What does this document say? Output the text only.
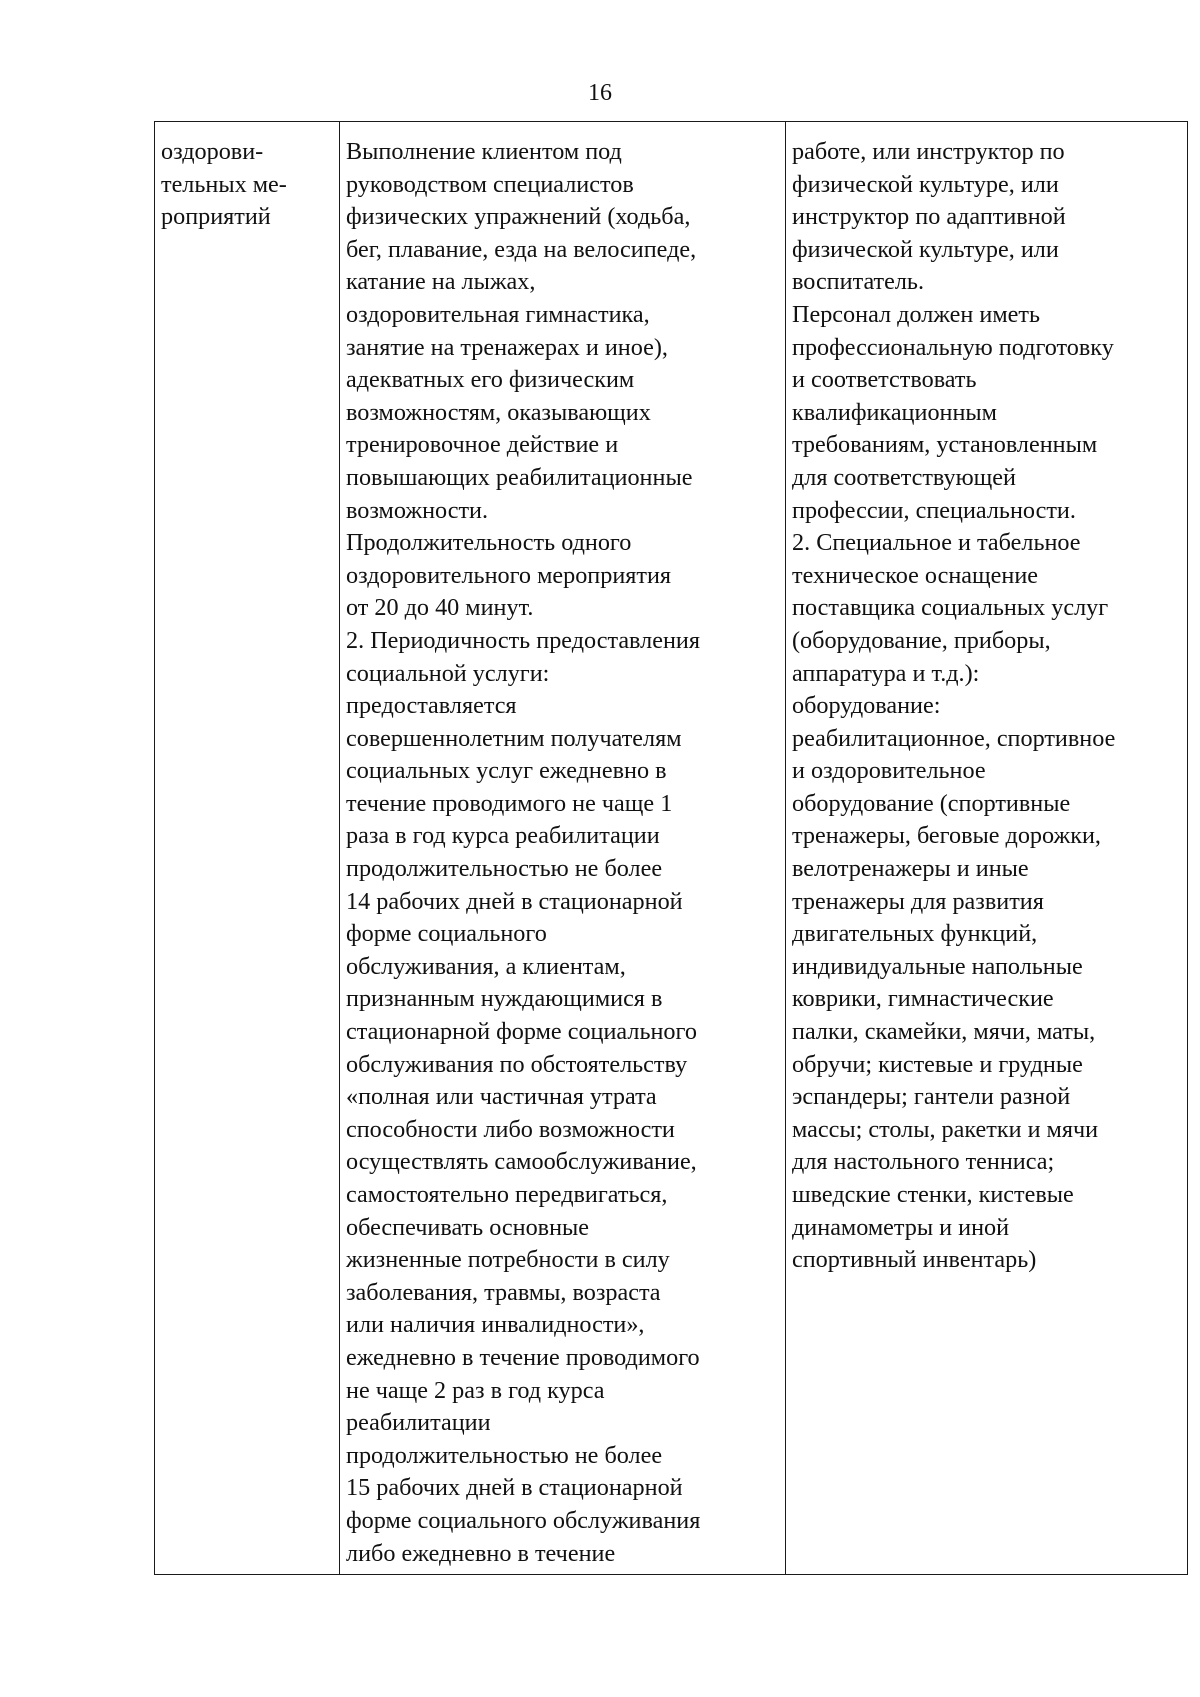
16
оздорови-
тельных ме-
роприятий

Выполнение клиентом под
руководством специалистов
физических упражнений (ходьба,
бег, плавание, езда на велосипеде,
катание на лыжах,
оздоровительная гимнастика,
занятие на тренажерах и иное),
адекватных его физическим
возможностям, оказывающих
тренировочное действие и
повышающих реабилитационные
возможности.
Продолжительность одного
оздоровительного мероприятия
от 20 до 40 минут.
2. Периодичность предоставления
социальной услуги:
предоставляется
совершеннолетним получателям
социальных услуг ежедневно в
течение проводимого не чаще 1
раза в год курса реабилитации
продолжительностью не более
14 рабочих дней в стационарной
форме социального
обслуживания, а клиентам,
признанным нуждающимися в
стационарной форме социального
обслуживания по обстоятельству
«полная или частичная утрата
способности либо возможности
осуществлять самообслуживание,
самостоятельно передвигаться,
обеспечивать основные
жизненные потребности в силу
заболевания, травмы, возраста
или наличия инвалидности»,
ежедневно в течение проводимого
не чаще 2 раз в год курса
реабилитации
продолжительностью не более
15 рабочих дней в стационарной
форме социального обслуживания
либо ежедневно в течение

работе, или инструктор по
физической культуре, или
инструктор по адаптивной
физической культуре, или
воспитатель.
Персонал должен иметь
профессиональную подготовку
и соответствовать
квалификационным
требованиям, установленным
для соответствующей
профессии, специальности.
2. Специальное и табельное
техническое оснащение
поставщика социальных услуг
(оборудование, приборы,
аппаратура и т.д.):
оборудование:
реабилитационное, спортивное
и оздоровительное
оборудование (спортивные
тренажеры, беговые дорожки,
велотренажеры и иные
тренажеры для развития
двигательных функций,
индивидуальные напольные
коврики, гимнастические
палки, скамейки, мячи, маты,
обручи; кистевые и грудные
эспандеры; гантели разной
массы; столы, ракетки и мячи
для настольного тенниса;
шведские стенки, кистевые
динамометры и иной
спортивный инвентарь)
